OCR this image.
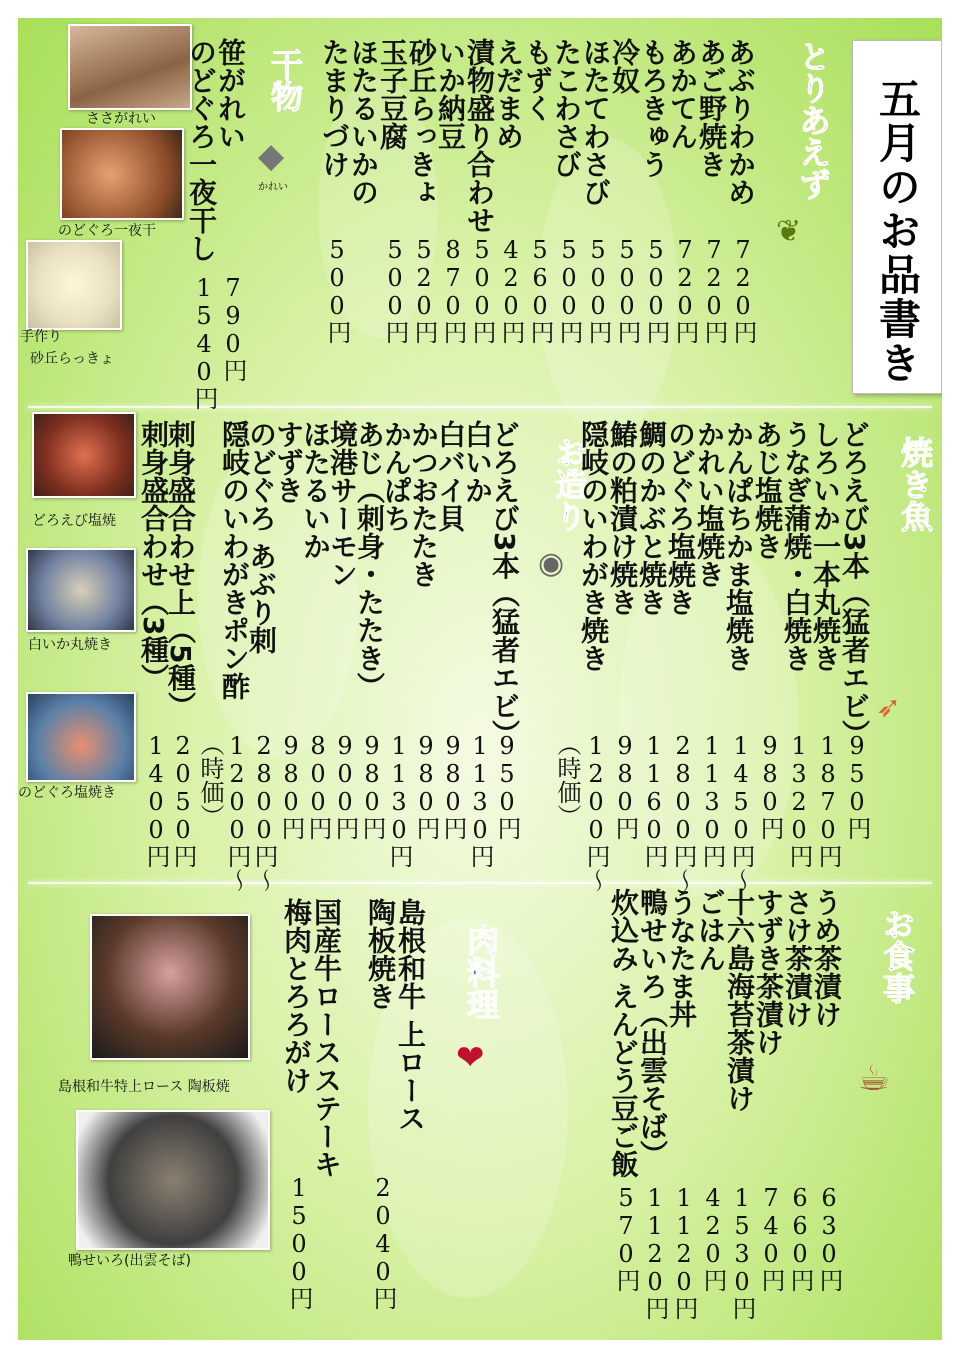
五月のお品書き
とりあえず
干物
焼き魚
お造り
お食事
肉料理
❦
◆
かれい
◉
➶
☕
❤
ささがれい
のどぐろ一夜干
手作り
砂丘らっきょ
どろえび塩焼
白いか丸焼き
のどぐろ塩焼き
島根和牛特上ロース 陶板焼
鴨せいろ(出雲そば)
あぶりわかめ
720円
あご野焼き
720円
あかてん
720円
もろきゅう
500円
冷奴
500円
ほたてわさび
500円
たこわさび
500円
もずく
560円
えだまめ
420円
漬物盛り合わせ
500円
いか納豆
870円
砂丘らっきょ
520円
玉子豆腐
500円
ほたるいかの
たまりづけ
500円
笹がれい
790円
のどぐろ一夜干し
1540円
どろえび3本（猛者エビ）
950円
しろいか一本丸焼き
1870円
うなぎ蒲焼・白焼き
1320円
あじ塩焼き
980円
かんぱちかま塩焼き
1450円〜
かれい塩焼き
1130円
のどぐろ塩焼き
2800円〜
鯛のかぶと焼き
1160円
鰆の粕漬け焼き
980円
隠岐のいわがき焼き
1200円〜
（時価）
どろえび3本（猛者エビ）
950円
白いか
1130円
白バイ貝
980円
かつおたたき
980円
かんぱち
1130円
あじ（刺身・たたき）
980円
境港サーモン
900円
ほたるいか
800円
すずき
980円
のどぐろ あぶり刺
2800円〜
隠岐のいわがきポン酢
1200円〜
（時価）
刺身盛合わせ上（5種）
2050円
刺身盛合わせ（3種）
1400円
うめ茶漬け
630円
さけ茶漬け
660円
すずき茶漬け
740円
十六島海苔茶漬け
1530円
ごはん
420円
うなたま丼
1120円
鴨せいろ（出雲そば）
1120円
炊込み えんどう豆ご飯
570円
島根和牛 上ロース
陶板焼き
2040円
国産牛ロースステーキ
梅肉とろろがけ
1500円
